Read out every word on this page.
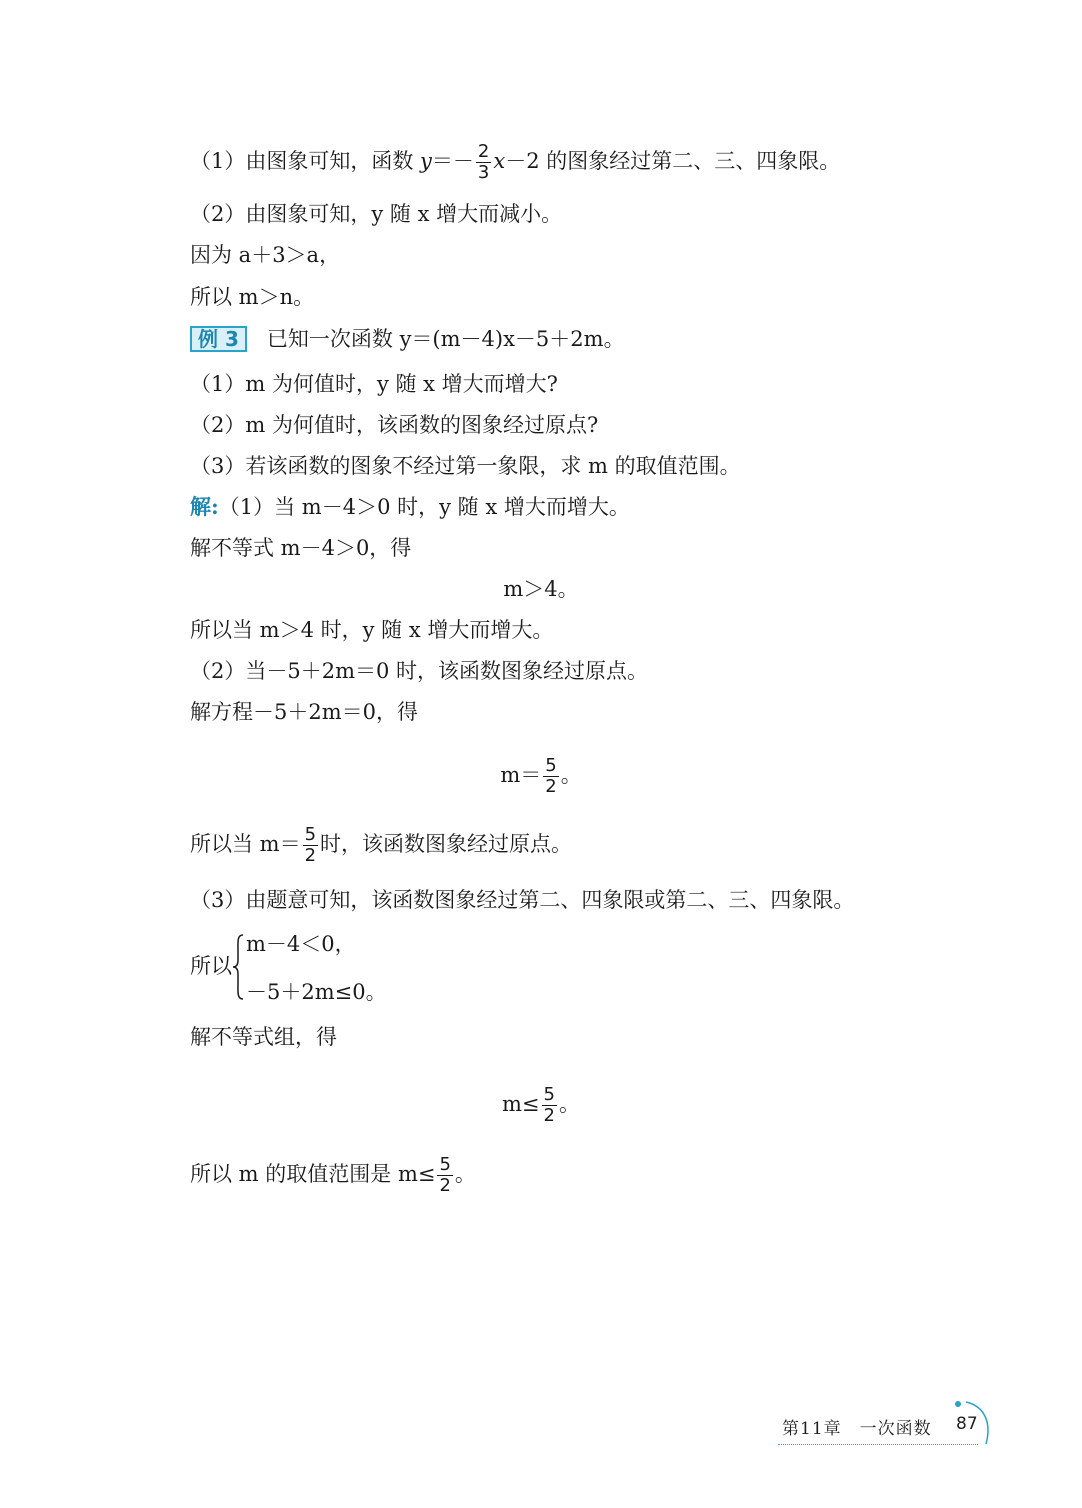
（1）由图象可知，函数 $y=- \frac{2}{3} x-2$ 的图象经过第二、三、四象限。
（2）由图象可知，y 随 x 增大而减小。
因为 a＋3＞a，
所以 m＞n。
例 3 已知一次函数 y＝(m－4)x－5＋2m。
（1）m 为何值时，y 随 x 增大而增大?
（2）m 为何值时，该函数的图象经过原点?
（3）若该函数的图象不经过第一象限，求 m 的取值范围。
解:（1）当 m－4＞0 时，y 随 x 增大而增大。
解不等式 m－4＞0，得
m＞4。
所以当 m＞4 时，y 随 x 增大而增大。
（2）当－5＋2m＝0 时，该函数图象经过原点。
解方程－5＋2m＝0，得
$m= \frac{5}{2}$ 。
所以当 $m= \frac{5}{2}$ 时，该函数图象经过原点。
（3）由题意可知，该函数图象经过第二、四象限或第二、三、四象限。
所以
m－4＜0，
－5＋2m≤0。
解不等式组，得
$m\le \frac{5}{2}$ 。
所以 m 的取值范围是 $m\le \frac{5}{2}$ 。
第11章　一次函数 87
